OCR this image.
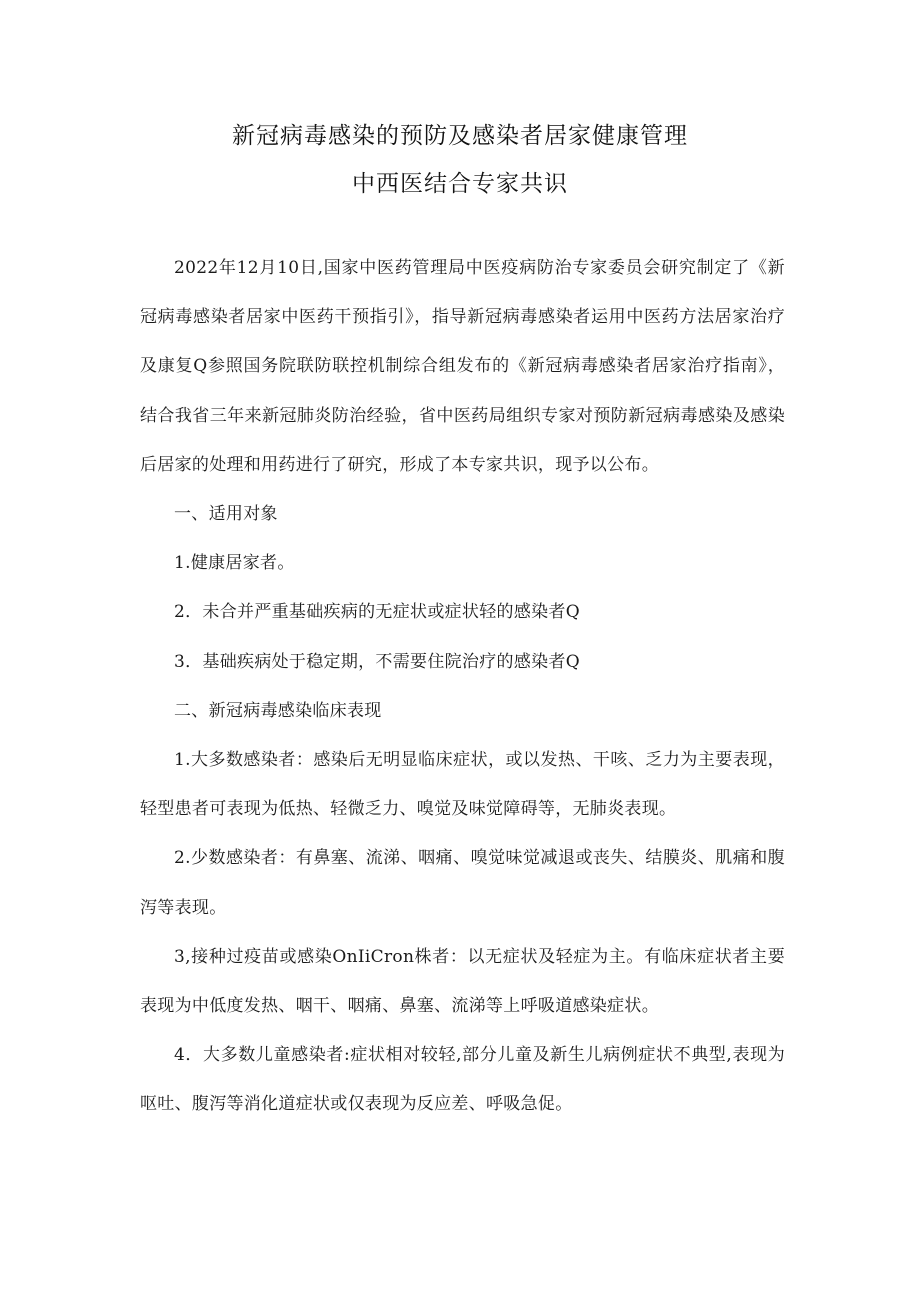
新冠病毒感染的预防及感染者居家健康管理
中西医结合专家共识

2022年12月10日,国家中医药管理局中医疫病防治专家委员会研究制定了《新冠病毒感染者居家中医药干预指引》，指导新冠病毒感染者运用中医药方法居家治疗及康复Q参照国务院联防联控机制综合组发布的《新冠病毒感染者居家治疗指南》，结合我省三年来新冠肺炎防治经验，省中医药局组织专家对预防新冠病毒感染及感染后居家的处理和用药进行了研究，形成了本专家共识，现予以公布。

一、适用对象

1.健康居家者。

2．未合并严重基础疾病的无症状或症状轻的感染者Q

3．基础疾病处于稳定期，不需要住院治疗的感染者Q

二、新冠病毒感染临床表现

1.大多数感染者：感染后无明显临床症状，或以发热、干咳、乏力为主要表现，轻型患者可表现为低热、轻微乏力、嗅觉及味觉障碍等，无肺炎表现。

2.少数感染者：有鼻塞、流涕、咽痛、嗅觉味觉减退或丧失、结膜炎、肌痛和腹泻等表现。

3,接种过疫苗或感染OnIiCron株者：以无症状及轻症为主。有临床症状者主要表现为中低度发热、咽干、咽痛、鼻塞、流涕等上呼吸道感染症状。

4．大多数儿童感染者:症状相对较轻,部分儿童及新生儿病例症状不典型,表现为呕吐、腹泻等消化道症状或仅表现为反应差、呼吸急促。
